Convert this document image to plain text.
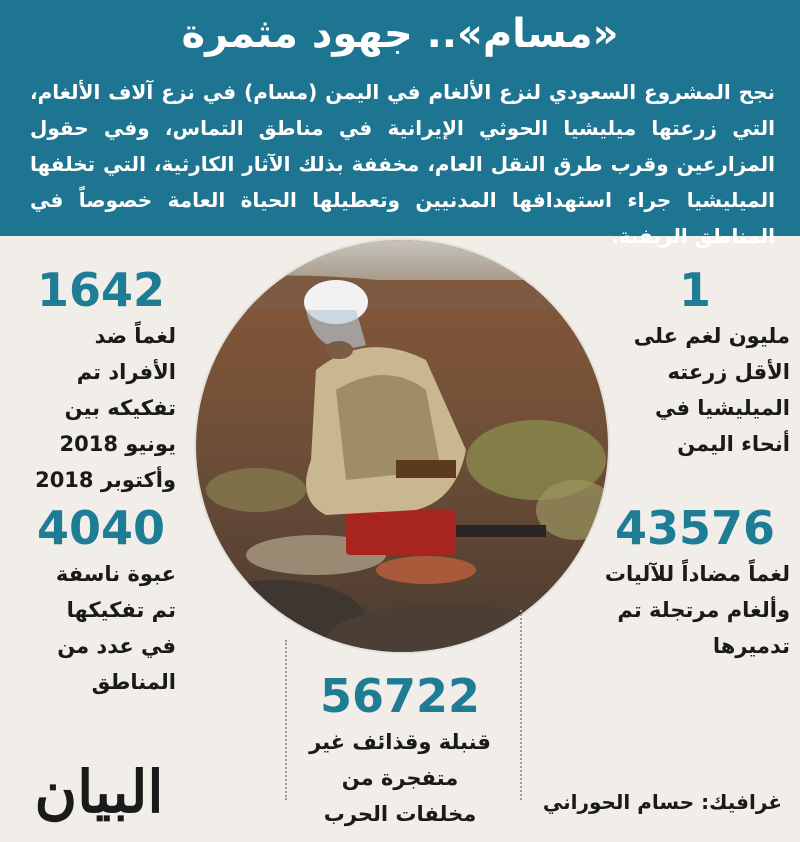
«مسام».. جهود مثمرة

نجح المشروع السعودي لنزع الألغام في اليمن (مسام) في نزع آلاف الألغام، التي زرعتها ميليشيا الحوثي الإيرانية في مناطق التماس، وفي حقول المزارعين وقرب طرق النقل العام، مخففة بذلك الآثار الكارثية، التي تخلفها الميليشيا جراء استهدافها المدنيين وتعطيلها الحياة العامة خصوصاً في المناطق الريفية.

1642
لغماً ضد الأفراد تم تفكيكه بين يونيو 2018 وأكتوبر 2018
1
مليون لغم على الأقل زرعته الميليشيا في أنحاء اليمن
4040
عبوة ناسفة تم تفكيكها في عدد من المناطق
43576
لغماً مضاداً للآليات وألغام مرتجلة تم تدميرها
56722
قنبلة وقذائف غير متفجرة من مخلفات الحرب	غرافيك: حسام الحوراني
البيان
